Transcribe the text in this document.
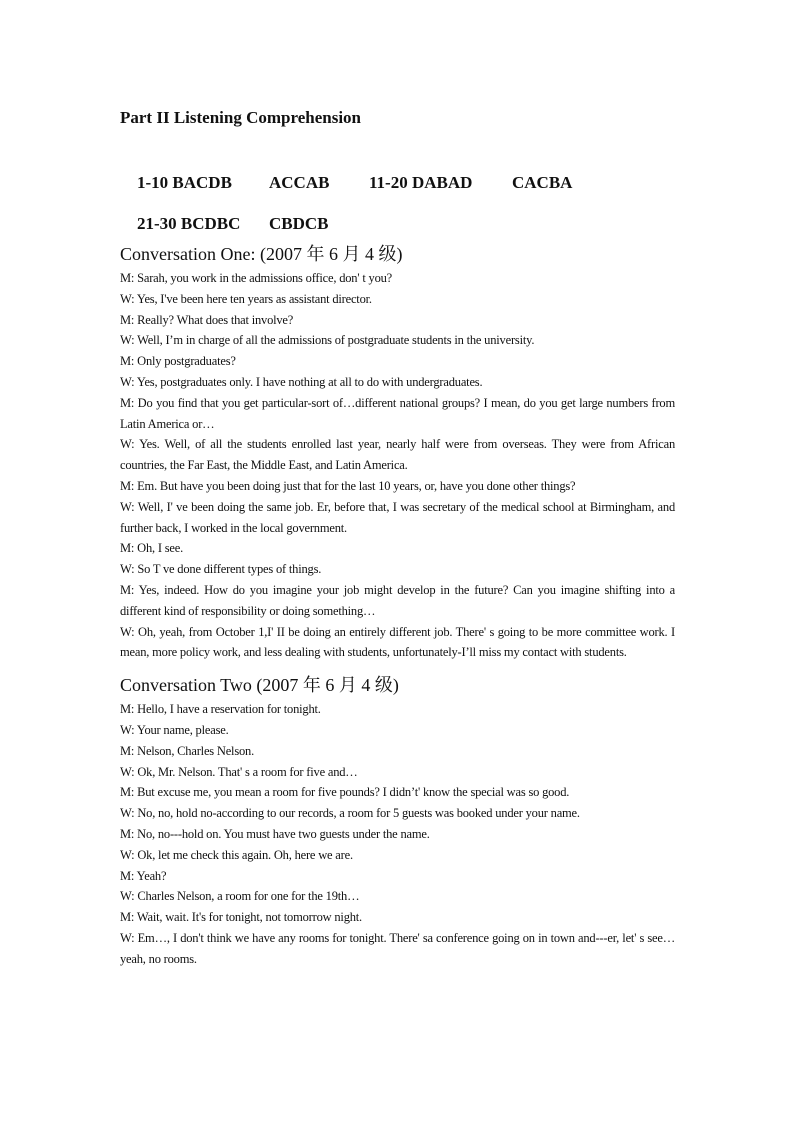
Part II Listening Comprehension

1-10 BACDB ACCAB 11-20 DABAD CACBA

21-30 BCDBC CBDCB

Conversation One: (2007 年 6 月 4 级)

M: Sarah, you work in the admissions office, don' t you?

W: Yes, I've been here ten years as assistant director.

M: Really? What does that involve?

W: Well, I’m in charge of all the admissions of postgraduate students in the university.

M: Only postgraduates?

W: Yes, postgraduates only. I have nothing at all to do with undergraduates.

M: Do you find that you get particular-sort of…different national groups? I mean, do you get large numbers from Latin America or…

W: Yes. Well, of all the students enrolled last year, nearly half were from overseas. They were from African countries, the Far East, the Middle East, and Latin America.

M: Em. But have you been doing just that for the last 10 years, or, have you done other things?

W: Well, I' ve been doing the same job. Er, before that, I was secretary of the medical school at Birmingham, and further back, I worked in the local government.

M: Oh, I see.

W: So T ve done different types of things.

M: Yes, indeed. How do you imagine your job might develop in the future? Can you imagine shifting into a different kind of responsibility or doing something…

W: Oh, yeah, from October 1,I' II be doing an entirely different job. There' s going to be more committee work. I mean, more policy work, and less dealing with students, unfortunately-I’ll miss my contact with students.

Conversation Two (2007 年 6 月 4 级)

M: Hello, I have a reservation for tonight.

W: Your name, please.

M: Nelson, Charles Nelson.

W: Ok, Mr. Nelson. That' s a room for five and…

M: But excuse me, you mean a room for five pounds? I didn’t' know the special was so good.

W: No, no, hold no-according to our records, a room for 5 guests was booked under your name.

M: No, no---hold on. You must have two guests under the name.

W: Ok, let me check this again. Oh, here we are.

M: Yeah?

W: Charles Nelson, a room for one for the 19th…

M: Wait, wait. It's for tonight, not tomorrow night.

W: Em…, I don't think we have any rooms for tonight. There' sa conference going on in town and---er, let' s see…yeah, no rooms.
